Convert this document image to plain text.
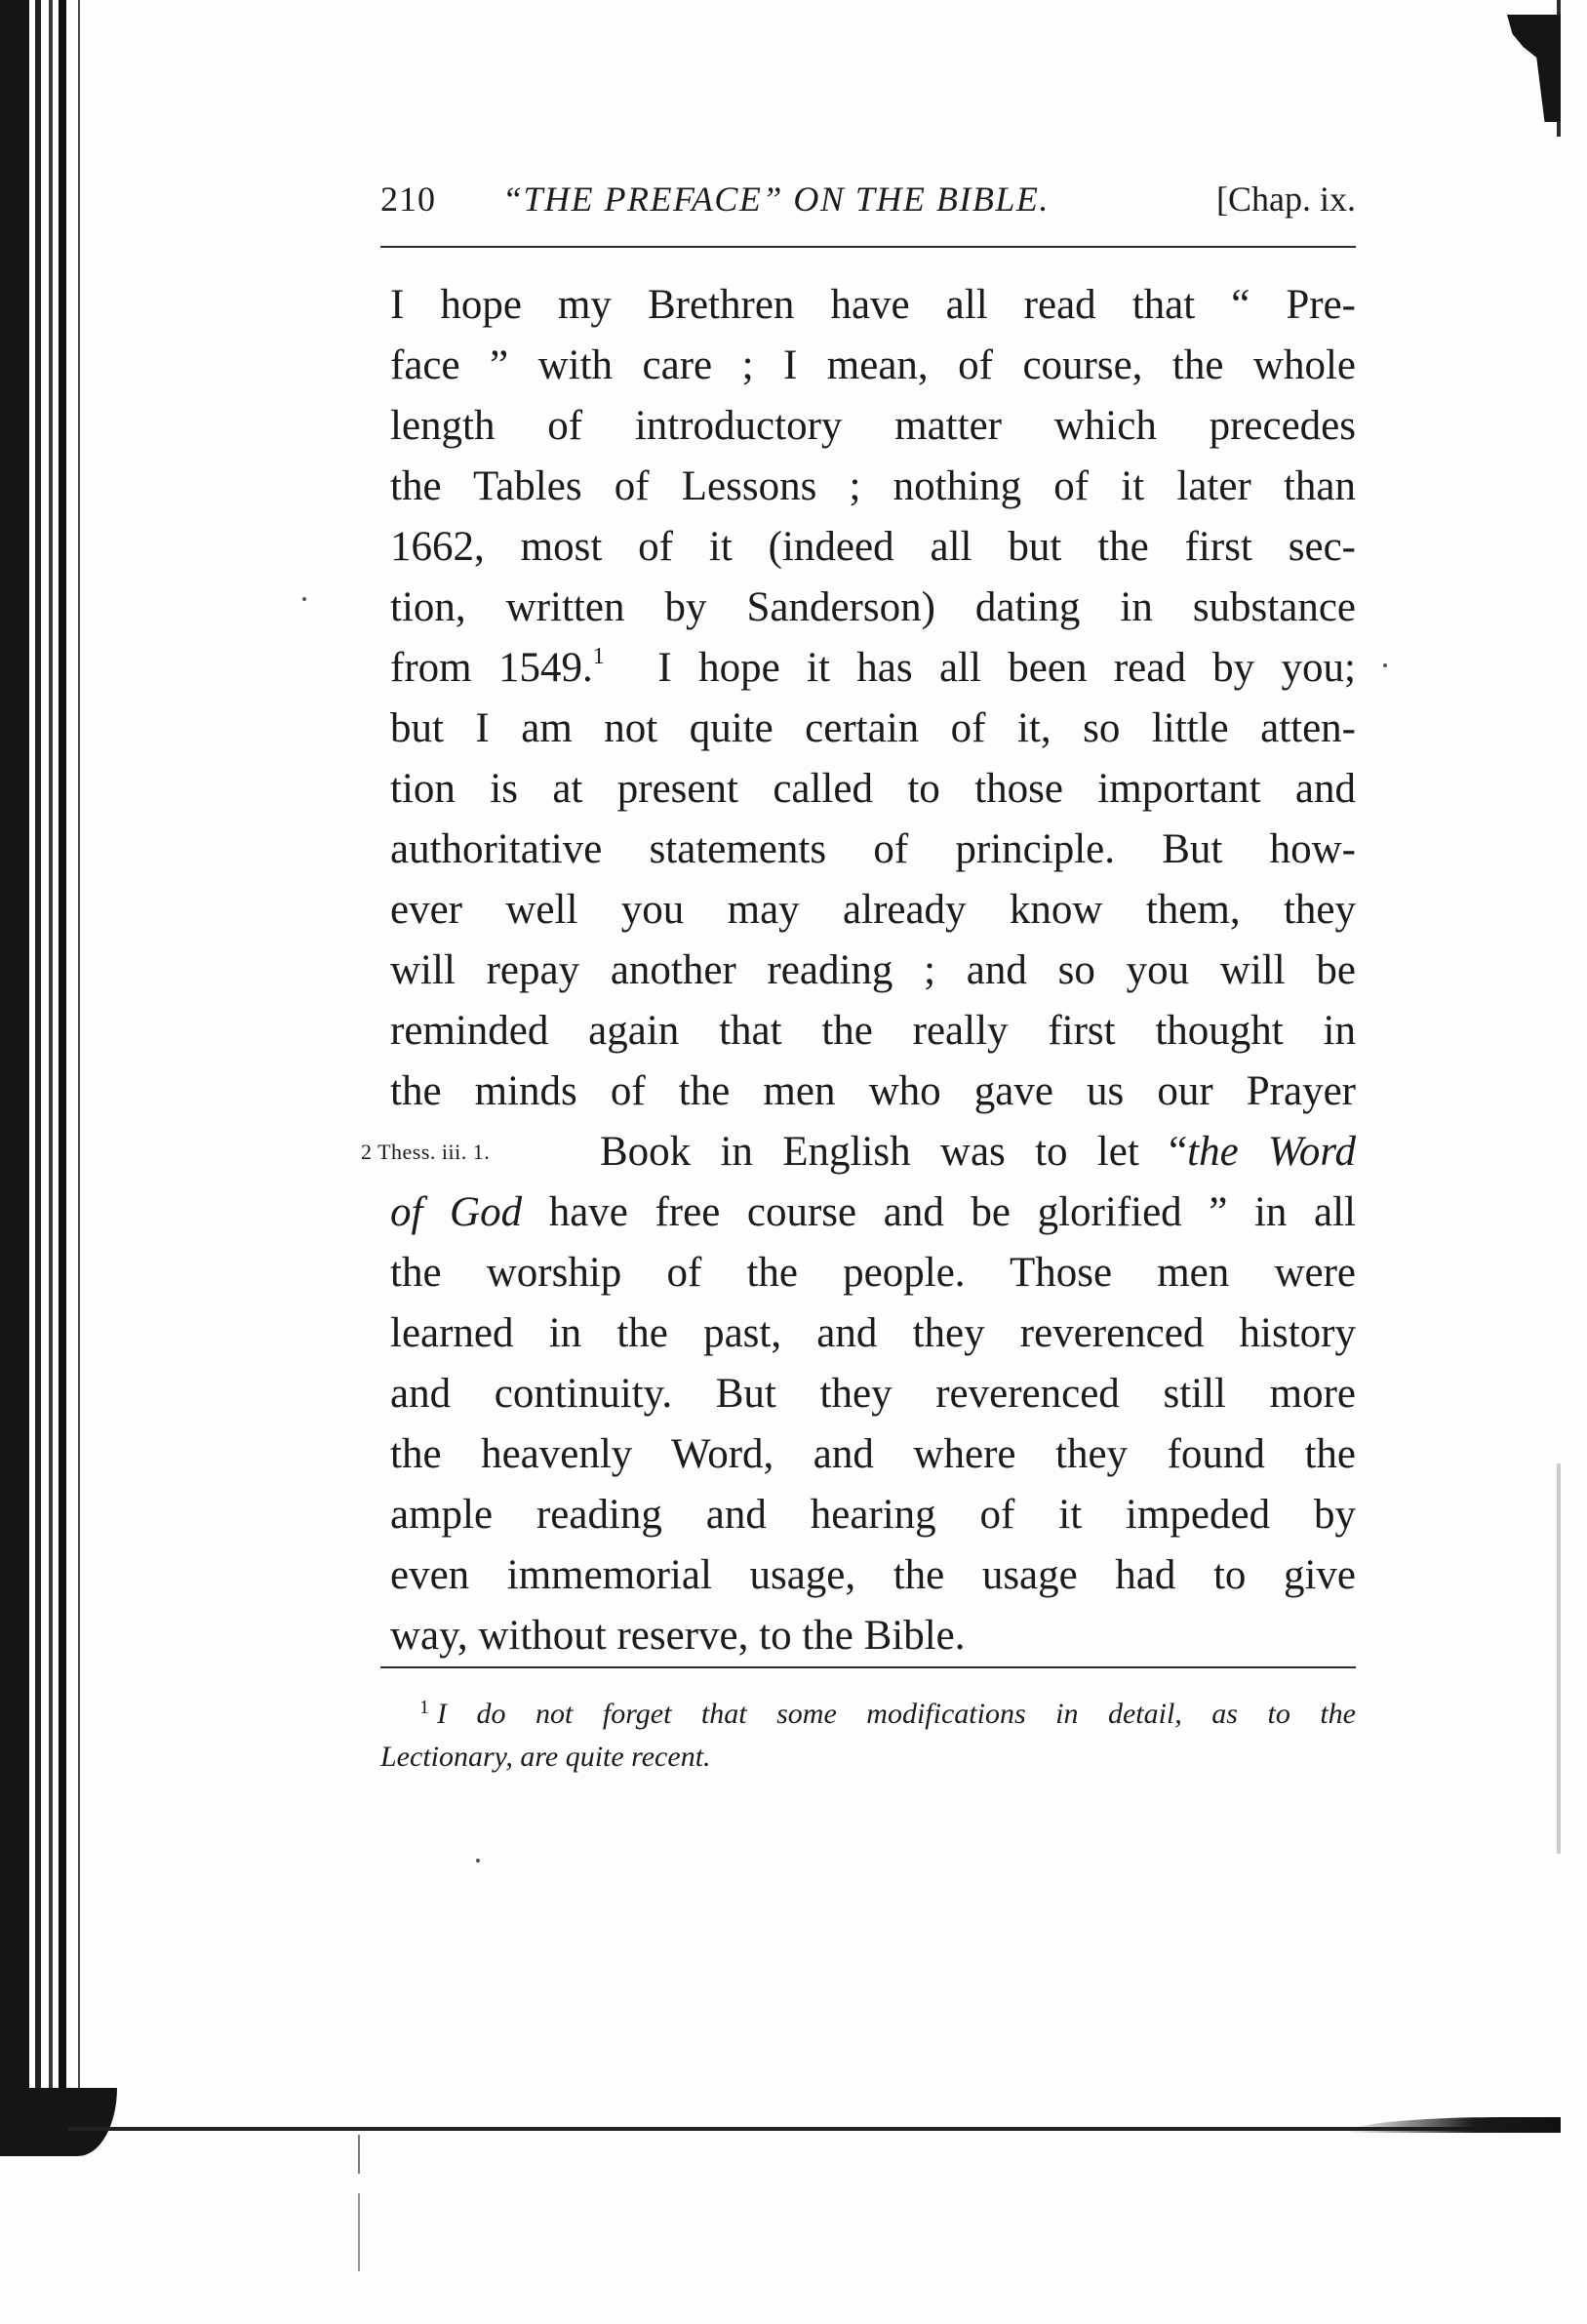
210 “THE PREFACE” ON THE BIBLE.	[Chap. ix.
I hope my Brethren have all read that “ Pre-
face ” with care ; I mean, of course, the whole
length of introductory matter which precedes
the Tables of Lessons ; nothing of it later than
1662, most of it (indeed all but the first sec-
tion, written by Sanderson) dating in substance
from 1549.$^1$ I hope it has all been read by you;
but I am not quite certain of it, so little atten-
tion is at present called to those important and
authoritative statements of principle. But how-
ever well you may already know them, they
will repay another reading ; and so you will be
reminded again that the really first thought in
the minds of the men who gave us our Prayer
2 Thess. iii. 1.	Book in English was to let “the Word
of God have free course and be glorified ” in all
the worship of the people. Those men were
learned in the past, and they reverenced history
and continuity. But they reverenced still more
the heavenly Word, and where they found the
ample reading and hearing of it impeded by
even immemorial usage, the usage had to give
way, without reserve, to the Bible.
$^1$ I do not forget that some modifications in detail, as to the
Lectionary, are quite recent.
